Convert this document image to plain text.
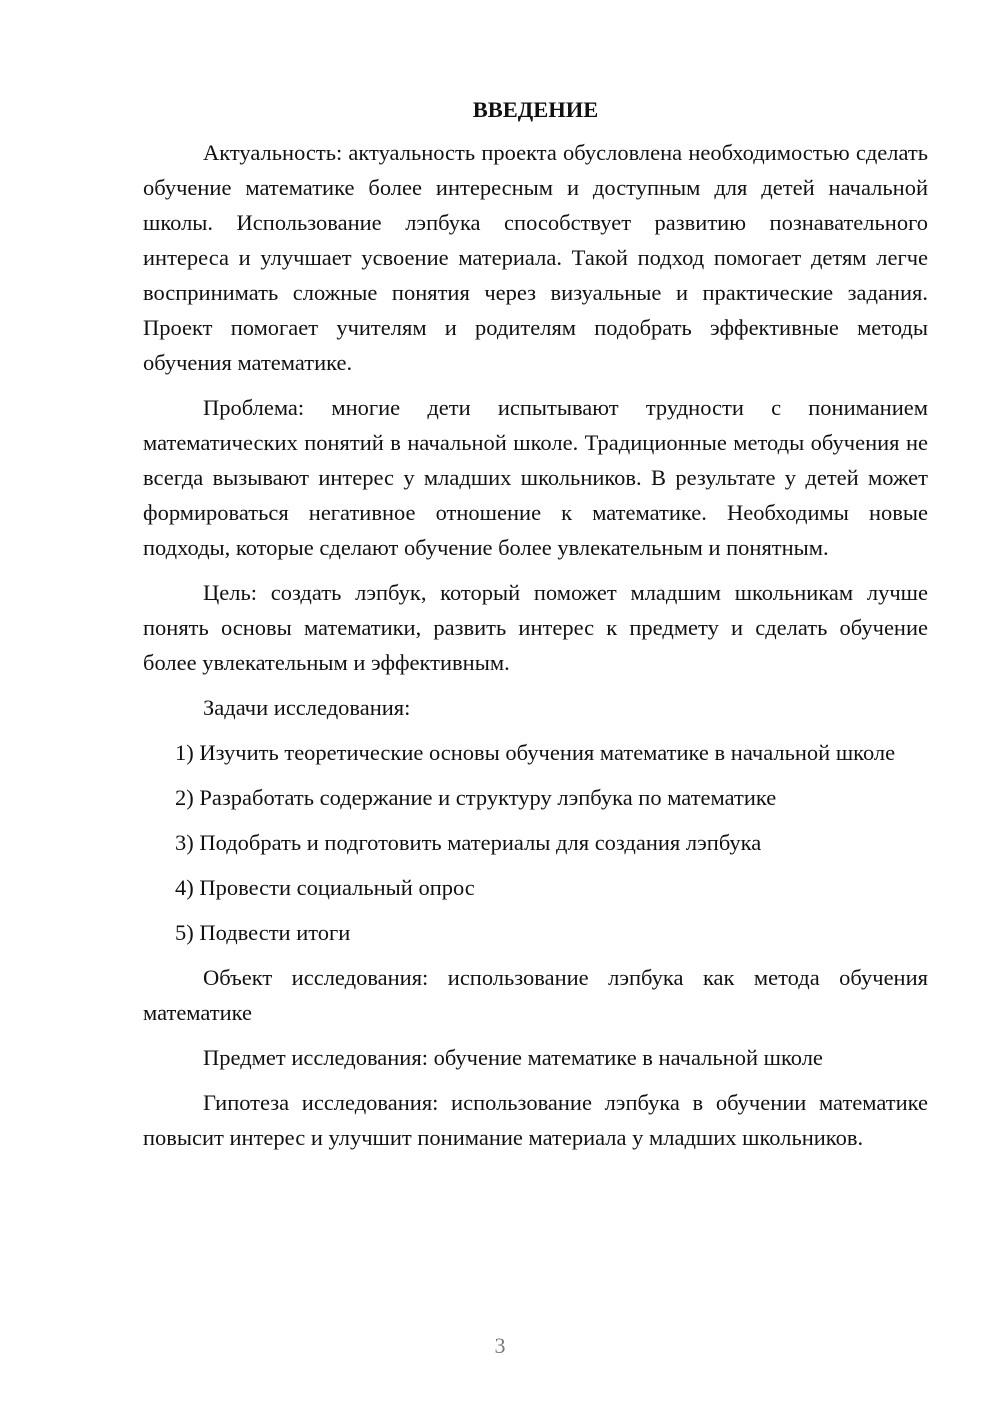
ВВЕДЕНИЕ

Актуальность: актуальность проекта обусловлена необходимостью сделать обучение математике более интересным и доступным для детей начальной школы. Использование лэпбука способствует развитию познавательного интереса и улучшает усвоение материала. Такой подход помогает детям легче воспринимать сложные понятия через визуальные и практические задания. Проект помогает учителям и родителям подобрать эффективные методы обучения математике.

Проблема: многие дети испытывают трудности с пониманием математических понятий в начальной школе. Традиционные методы обучения не всегда вызывают интерес у младших школьников. В результате у детей может формироваться негативное отношение к математике. Необходимы новые подходы, которые сделают обучение более увлекательным и понятным.

Цель: создать лэпбук, который поможет младшим школьникам лучше понять основы математики, развить интерес к предмету и сделать обучение более увлекательным и эффективным.

Задачи исследования:

1) Изучить теоретические основы обучения математике в начальной школе

2) Разработать содержание и структуру лэпбука по математике

3) Подобрать и подготовить материалы для создания лэпбука

4) Провести социальный опрос

5) Подвести итоги

Объект исследования: использование лэпбука как метода обучения математике

Предмет исследования: обучение математике в начальной школе

Гипотеза исследования: использование лэпбука в обучении математике повысит интерес и улучшит понимание материала у младших школьников.

3
